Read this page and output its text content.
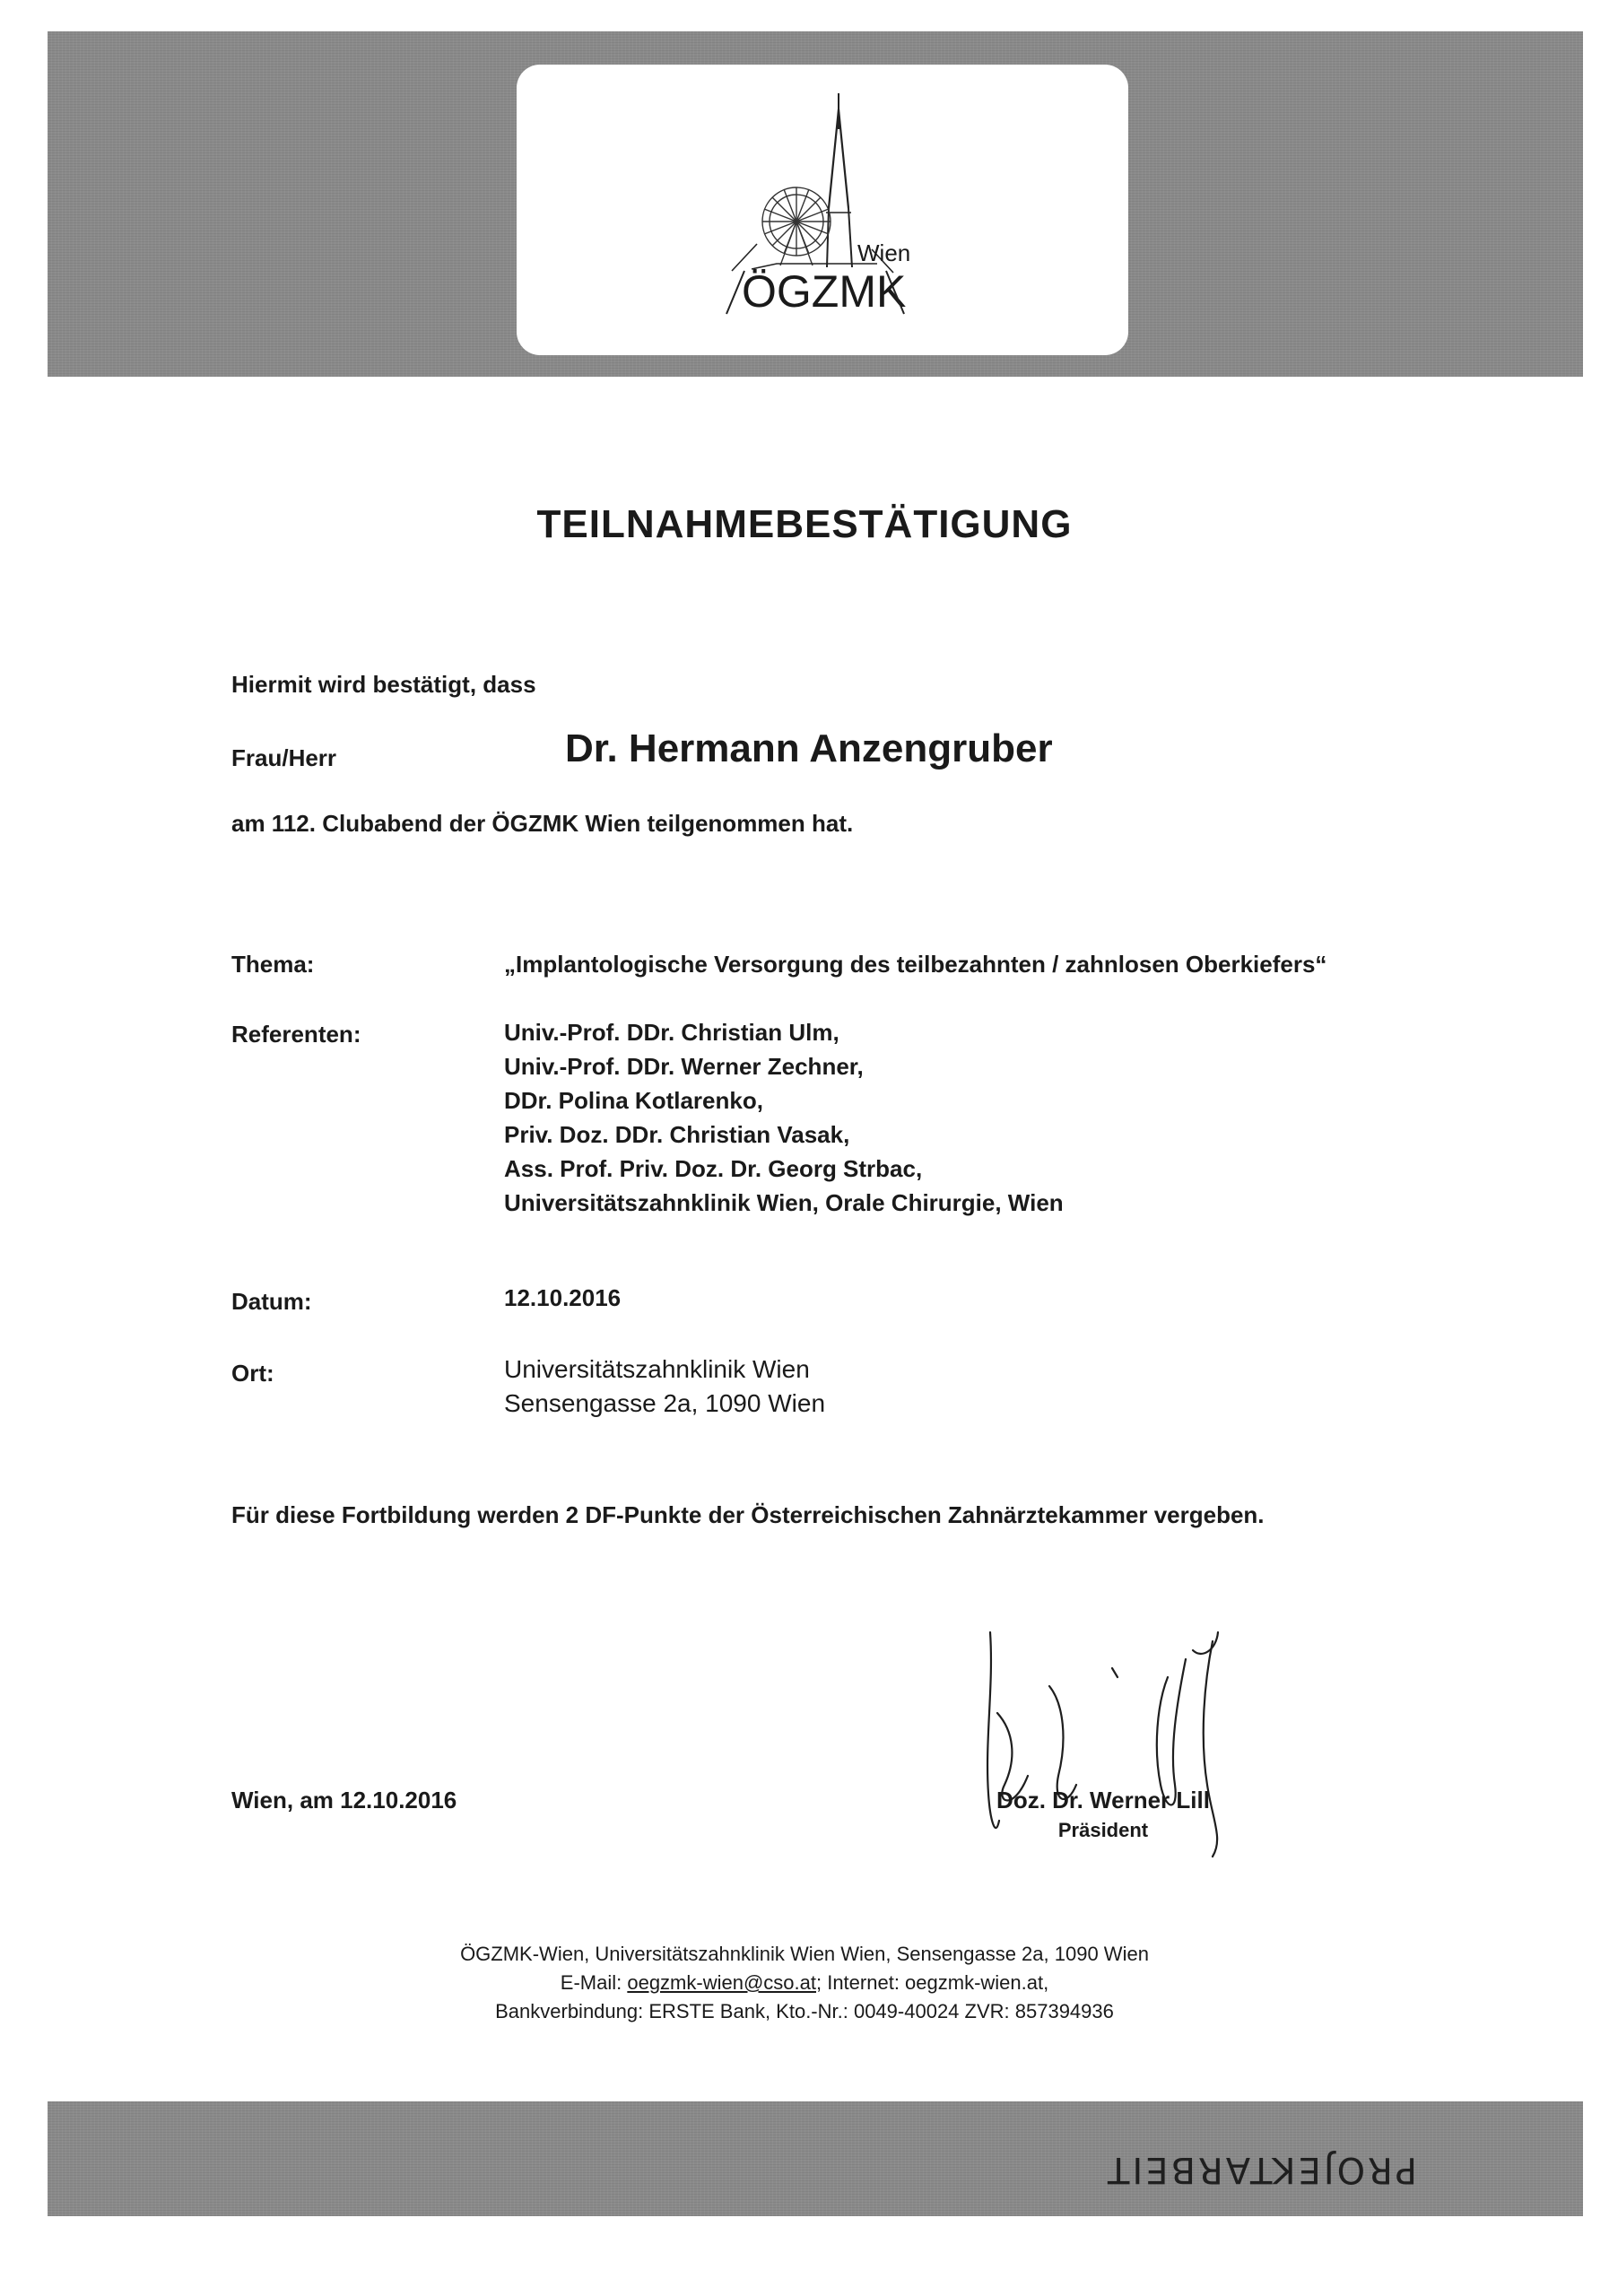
Wien
ÖGZMK
TEILNAHMEBESTÄTIGUNG
Hiermit wird bestätigt, dass
Frau/Herr	Dr. Hermann Anzengruber
am 112. Clubabend der ÖGZMK Wien teilgenommen hat.
Thema:	„Implantologische Versorgung des teilbezahnten / zahnlosen Oberkiefers“
Referenten:	Univ.-Prof. DDr. Christian Ulm,
Univ.-Prof. DDr. Werner Zechner,
DDr. Polina Kotlarenko,
Priv. Doz. DDr. Christian Vasak,
Ass. Prof. Priv. Doz. Dr. Georg Strbac,
Universitätszahnklinik Wien, Orale Chirurgie, Wien
Datum:	12.10.2016
Ort:	Universitätszahnklinik Wien
Sensengasse 2a, 1090 Wien
Für diese Fortbildung werden 2 DF-Punkte der Österreichischen Zahnärztekammer vergeben.
Wien, am 12.10.2016	Doz. Dr. Werner Lill
Präsident
ÖGZMK-Wien, Universitätszahnklinik Wien Wien, Sensengasse 2a, 1090 Wien
E-Mail: oegzmk-wien@cso.at; Internet: oegzmk-wien.at,
Bankverbindung: ERSTE Bank, Kto.-Nr.: 0049-40024 ZVR: 857394936
PROJEKTARBEIT
